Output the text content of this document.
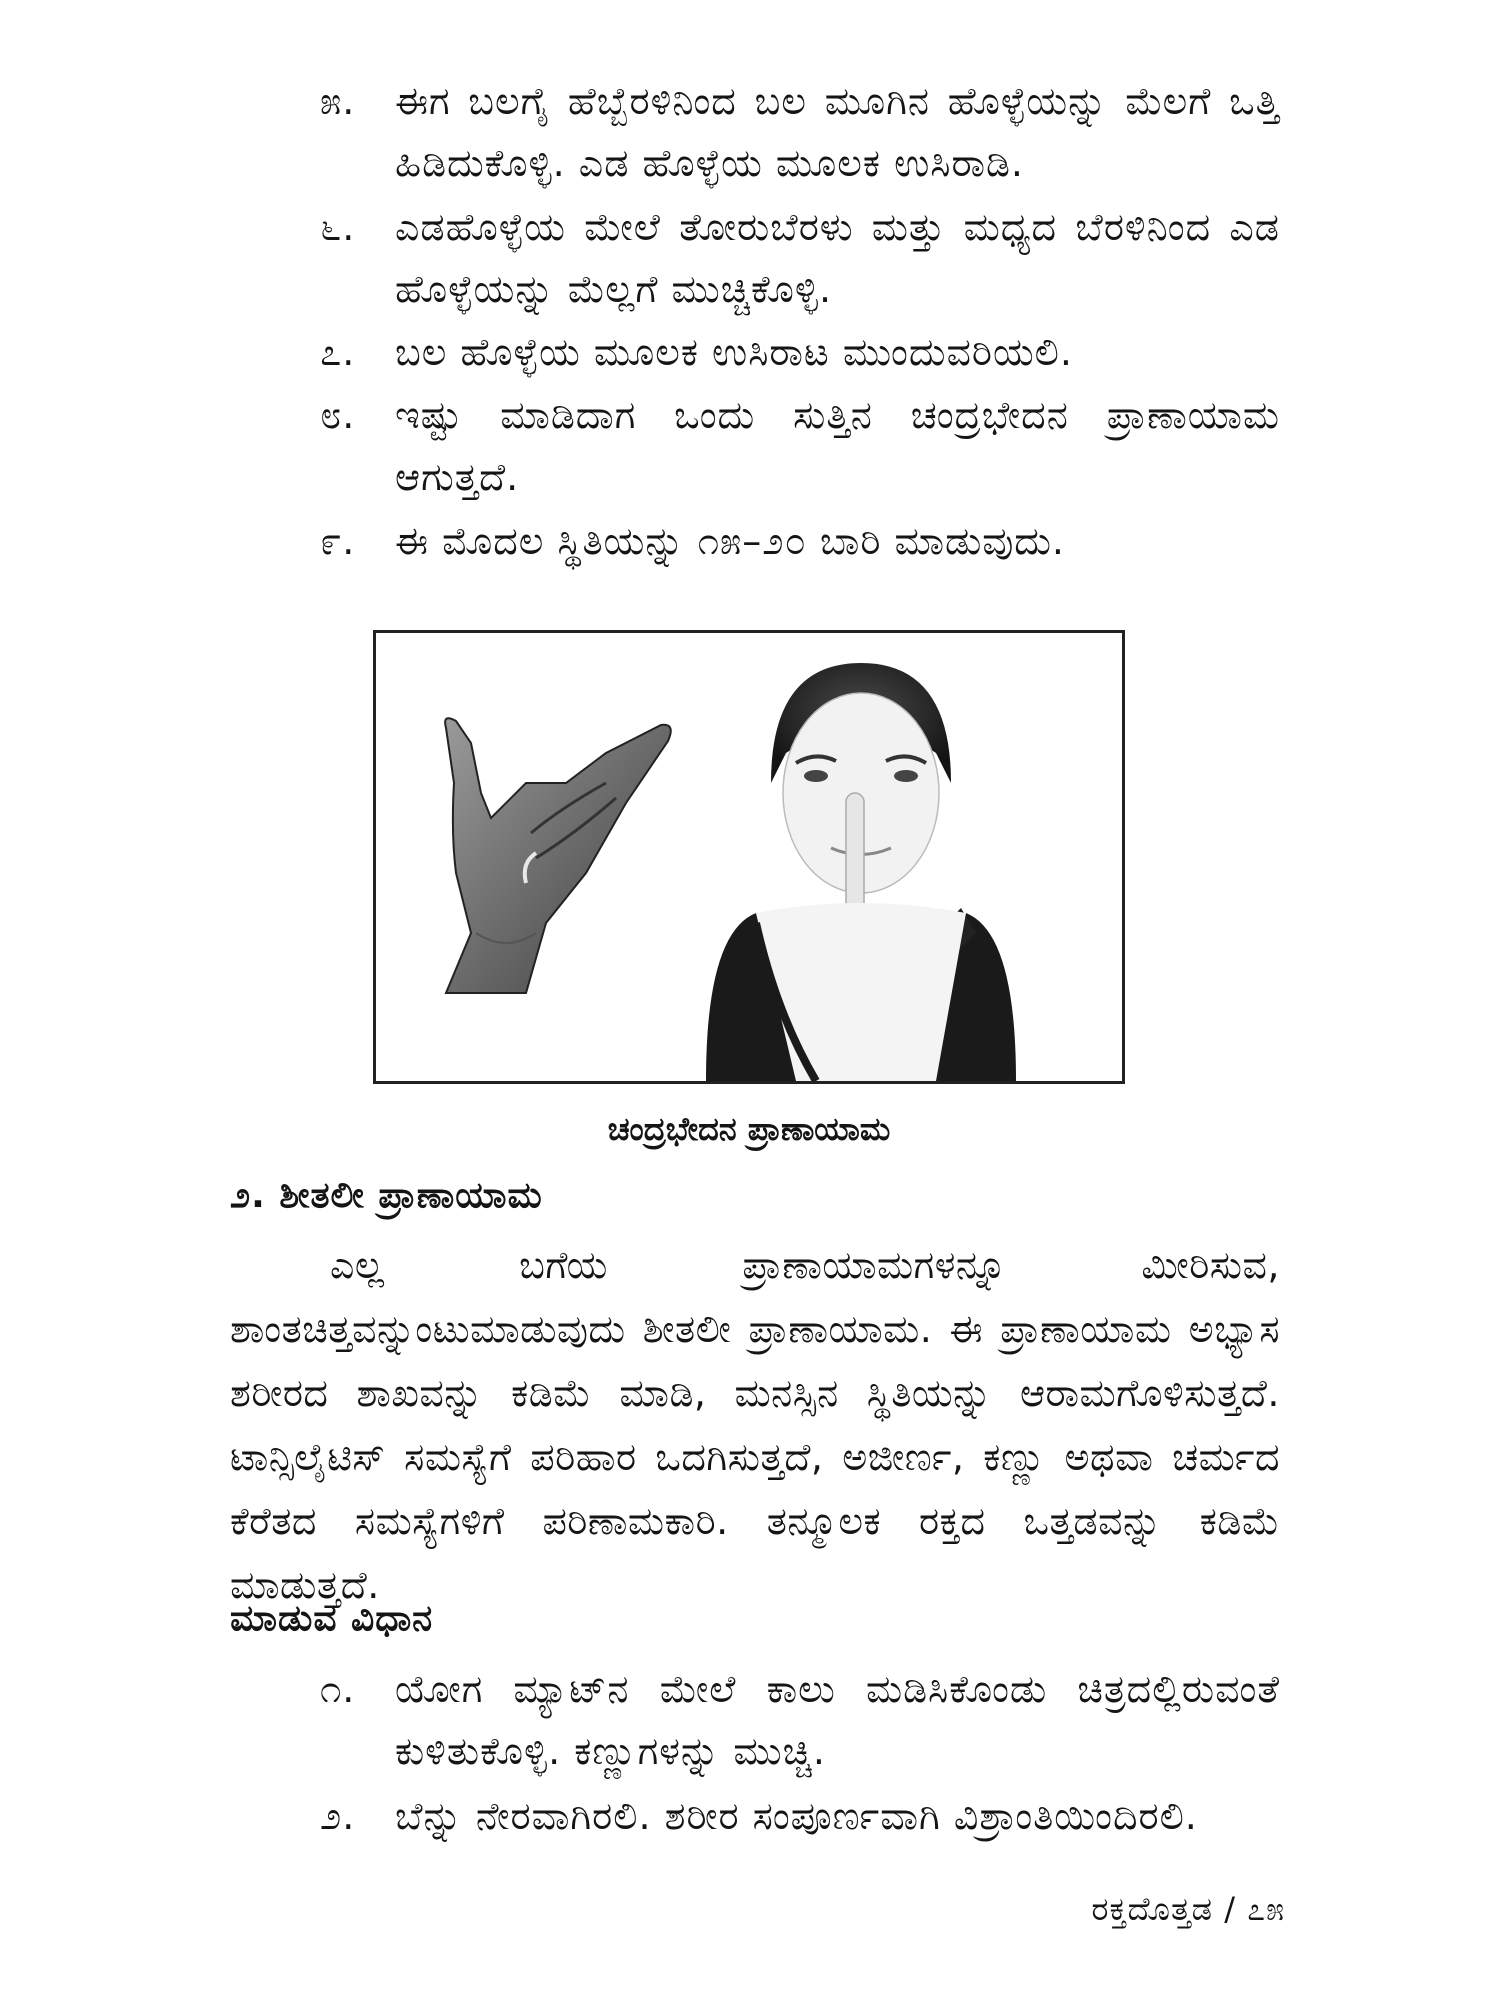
೫.	ಈಗ ಬಲಗೈ ಹೆಬ್ಬೆರಳಿನಿಂದ ಬಲ ಮೂಗಿನ ಹೊಳ್ಳೆಯನ್ನು ಮೆಲಗೆ ಒತ್ತಿ ಹಿಡಿದುಕೊಳ್ಳಿ. ಎಡ ಹೊಳ್ಳೆಯ ಮೂಲಕ ಉಸಿರಾಡಿ.
೬.	ಎಡಹೊಳ್ಳೆಯ ಮೇಲೆ ತೋರುಬೆರಳು ಮತ್ತು ಮಧ್ಯದ ಬೆರಳಿನಿಂದ ಎಡ ಹೊಳ್ಳೆಯನ್ನು ಮೆಲ್ಲಗೆ ಮುಚ್ಚಿಕೊಳ್ಳಿ.
೭.	ಬಲ ಹೊಳ್ಳೆಯ ಮೂಲಕ ಉಸಿರಾಟ ಮುಂದುವರಿಯಲಿ.
೮.	ಇಷ್ಟು ಮಾಡಿದಾಗ ಒಂದು ಸುತ್ತಿನ ಚಂದ್ರಭೇದನ ಪ್ರಾಣಾಯಾಮ ಆಗುತ್ತದೆ.
೯.	ಈ ಮೊದಲ ಸ್ಥಿತಿಯನ್ನು ೧೫–೨೦ ಬಾರಿ ಮಾಡುವುದು.
ಚಂದ್ರಭೇದನ ಪ್ರಾಣಾಯಾಮ
೨. ಶೀತಲೀ ಪ್ರಾಣಾಯಾಮ
ಎಲ್ಲ ಬಗೆಯ ಪ್ರಾಣಾಯಾಮಗಳನ್ನೂ ಮೀರಿಸುವ, ಶಾಂತಚಿತ್ತವನ್ನುಂಟುಮಾಡುವುದು ಶೀತಲೀ ಪ್ರಾಣಾಯಾಮ. ಈ ಪ್ರಾಣಾಯಾಮ ಅಭ್ಯಾಸ ಶರೀರದ ಶಾಖವನ್ನು ಕಡಿಮೆ ಮಾಡಿ, ಮನಸ್ಸಿನ ಸ್ಥಿತಿಯನ್ನು ಆರಾಮಗೊಳಿಸುತ್ತದೆ. ಟಾನ್ಸಿಲೈಟಿಸ್ ಸಮಸ್ಯೆಗೆ ಪರಿಹಾರ ಒದಗಿಸುತ್ತದೆ, ಅಜೀರ್ಣ, ಕಣ್ಣು ಅಥವಾ ಚರ್ಮದ ಕೆರೆತದ ಸಮಸ್ಯೆಗಳಿಗೆ ಪರಿಣಾಮಕಾರಿ. ತನ್ಮೂಲಕ ರಕ್ತದ ಒತ್ತಡವನ್ನು ಕಡಿಮೆ ಮಾಡುತ್ತದೆ.
ಮಾಡುವ ವಿಧಾನ
೧.	ಯೋಗ ಮ್ಯಾಟ್‌ನ ಮೇಲೆ ಕಾಲು ಮಡಿಸಿಕೊಂಡು ಚಿತ್ರದಲ್ಲಿರುವಂತೆ ಕುಳಿತುಕೊಳ್ಳಿ. ಕಣ್ಣುಗಳನ್ನು ಮುಚ್ಚಿ.
೨.	ಬೆನ್ನು ನೇರವಾಗಿರಲಿ. ಶರೀರ ಸಂಪೂರ್ಣವಾಗಿ ವಿಶ್ರಾಂತಿಯಿಂದಿರಲಿ.
ರಕ್ತದೊತ್ತಡ / ೭೫
